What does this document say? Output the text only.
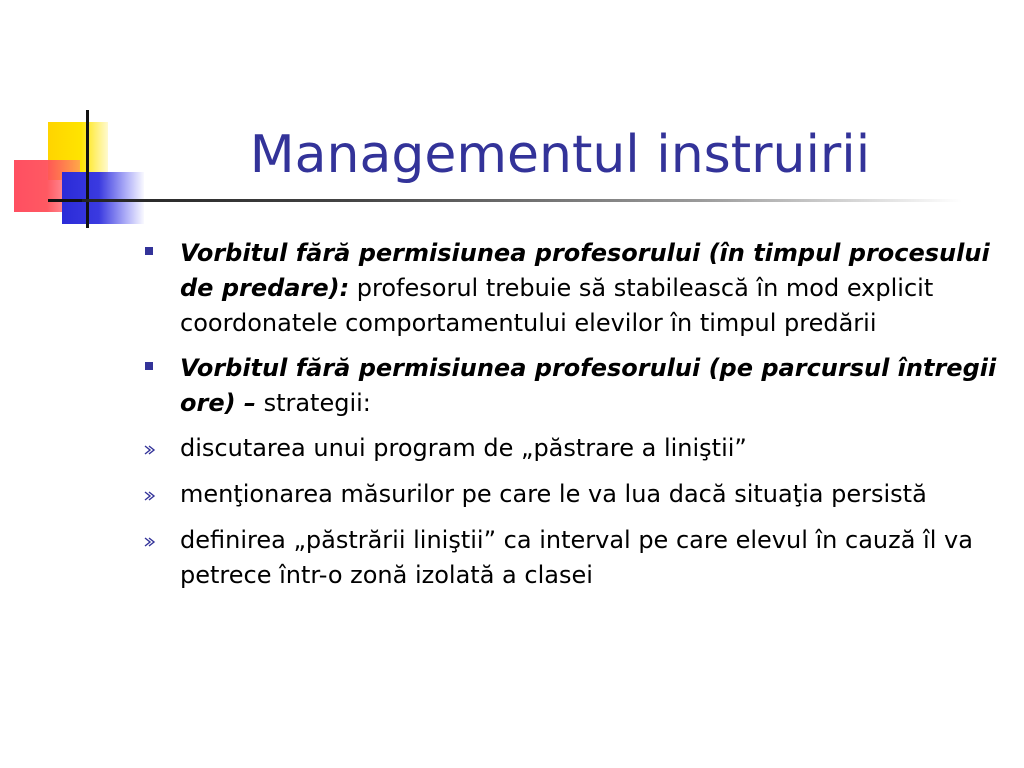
Managementul instruirii
Vorbitul fără permisiunea profesorului (în timpul procesului de predare): profesorul trebuie să stabilească în mod explicit coordonatele comportamentului elevilor în timpul predării
Vorbitul fără permisiunea profesorului (pe parcursul întregii ore) – strategii:
discutarea unui program de „păstrare a liniştii”
menţionarea măsurilor pe care le va lua dacă situaţia persistă
definirea „păstrării liniştii” ca interval pe care elevul în cauză îl va petrece într-o zonă izolată a clasei
